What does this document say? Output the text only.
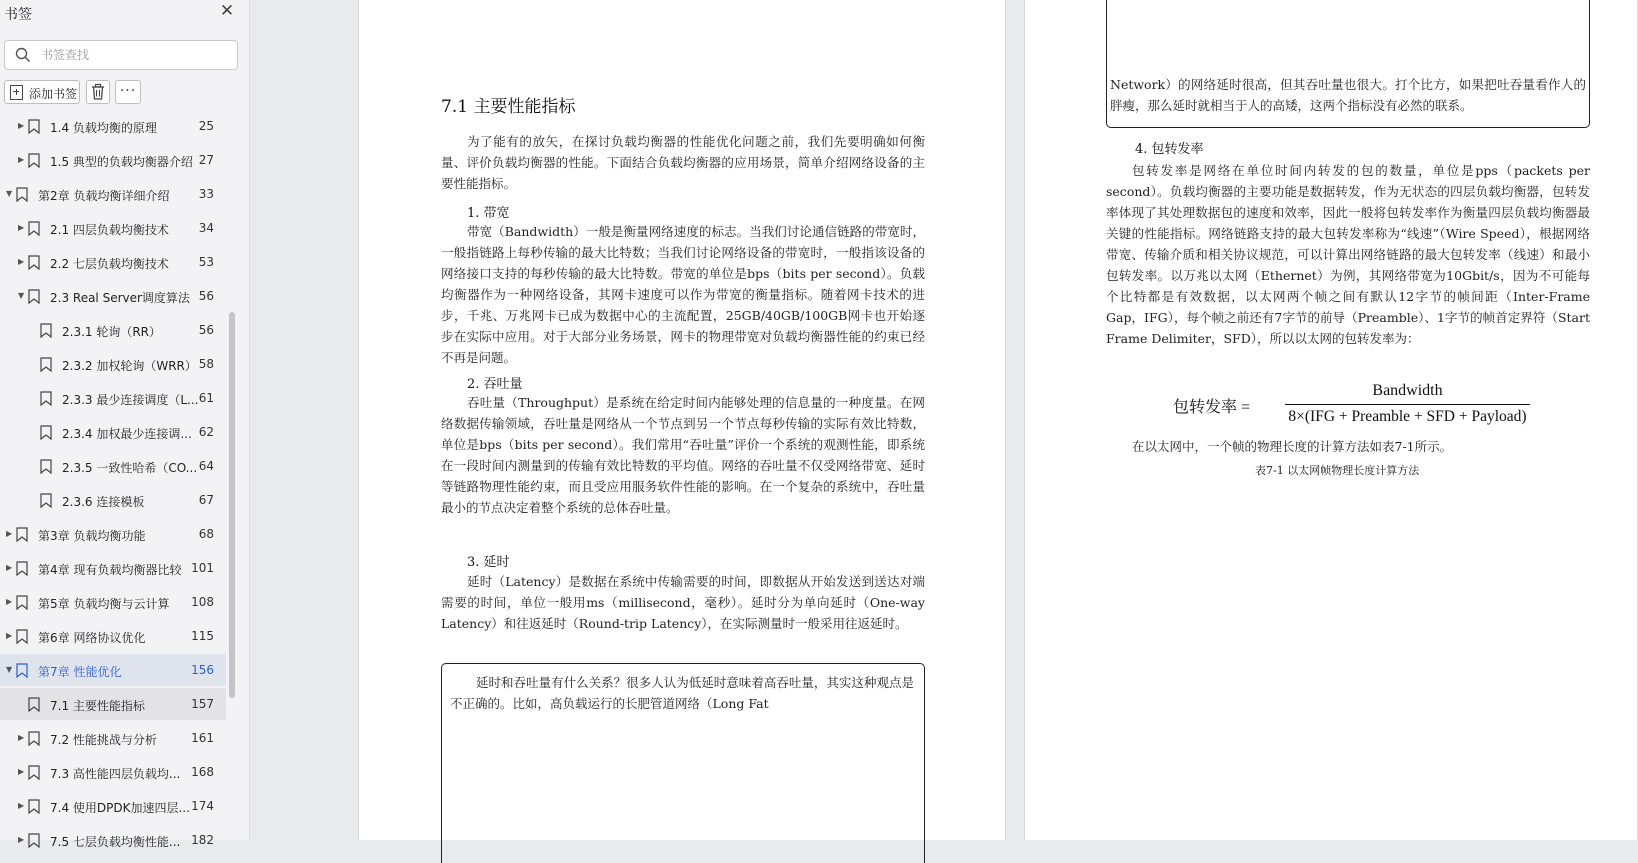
书签	✕
书签查找
添加书签	···
▶ 1.4 负载均衡的原理	25
▶ 1.5 典型的负载均衡器介绍 27
▼ 第2章 负载均衡详细介绍	33
▶ 2.1 四层负载均衡技术	34
▶ 2.2 七层负载均衡技术	53
▼ 2.3 Real Server调度算法 56
2.3.1 轮询（RR）	56
2.3.2 加权轮询（WRR） 58
2.3.3 最少连接调度（L... 61
2.3.4 加权最少连接调... 62
2.3.5 一致性哈希（CO... 64
2.3.6 连接模板	67
▶ 第3章 负载均衡功能	68
▶ 第4章 现有负载均衡器比较 101
▶ 第5章 负载均衡与云计算	108
▶ 第6章 网络协议优化	115
▼ 第7章 性能优化	156
7.1 主要性能指标	157
▶ 7.2 性能挑战与分析	161
▶ 7.3 高性能四层负载均... 168
▶ 7.4 使用DPDK加速四层... 174
▶ 7.5 七层负载均衡性能... 182
7.1 主要性能指标
为了能有的放矢，在探讨负载均衡器的性能优化问题之前，我们先要明确如何衡量、评价负载均衡器的性能。下面结合负载均衡器的应用场景，简单介绍网络设备的主要性能指标。
1. 带宽
带宽（Bandwidth）一般是衡量网络速度的标志。当我们讨论通信链路的带宽时，一般指链路上每秒传输的最大比特数；当我们讨论网络设备的带宽时，一般指该设备的网络接口支持的每秒传输的最大比特数。带宽的单位是bps（bits per second）。负载均衡器作为一种网络设备，其网卡速度可以作为带宽的衡量指标。随着网卡技术的进步，千兆、万兆网卡已成为数据中心的主流配置，25GB/40GB/100GB网卡也开始逐步在实际中应用。对于大部分业务场景，网卡的物理带宽对负载均衡器性能的约束已经不再是问题。
2. 吞吐量
吞吐量（Throughput）是系统在给定时间内能够处理的信息量的一种度量。在网络数据传输领域，吞吐量是网络从一个节点到另一个节点每秒传输的实际有效比特数，单位是bps（bits per second）。我们常用“吞吐量”评价一个系统的观测性能，即系统在一段时间内测量到的传输有效比特数的平均值。网络的吞吐量不仅受网络带宽、延时等链路物理性能约束，而且受应用服务软件性能的影响。在一个复杂的系统中，吞吐量最小的节点决定着整个系统的总体吞吐量。
3. 延时
延时（Latency）是数据在系统中传输需要的时间，即数据从开始发送到送达对端需要的时间，单位一般用ms（millisecond，毫秒）。延时分为单向延时（One-way Latency）和往返延时（Round-trip Latency），在实际测量时一般采用往返延时。
延时和吞吐量有什么关系？很多人认为低延时意味着高吞吐量，其实这种观点是不正确的。比如，高负载运行的长肥管道网络（Long Fat
Network）的网络延时很高，但其吞吐量也很大。打个比方，如果把吐吞量看作人的胖瘦，那么延时就相当于人的高矮，这两个指标没有必然的联系。
4. 包转发率
包转发率是网络在单位时间内转发的包的数量，单位是pps（packets per second）。负载均衡器的主要功能是数据转发，作为无状态的四层负载均衡器，包转发率体现了其处理数据包的速度和效率，因此一般将包转发率作为衡量四层负载均衡器最关键的性能指标。网络链路支持的最大包转发率称为“线速”（Wire Speed），根据网络带宽、传输介质和相关协议规范，可以计算出网络链路的最大包转发率（线速）和最小包转发率。以万兆以太网（Ethernet）为例，其网络带宽为10Gbit/s，因为不可能每个比特都是有效数据，以太网两个帧之间有默认12字节的帧间距（Inter-Frame Gap，IFG），每个帧之前还有7字节的前导（Preamble）、1字节的帧首定界符（Start Frame Delimiter，SFD），所以以太网的包转发率为：
包转发率 =
Bandwidth
8×(IFG + Preamble + SFD + Payload)
在以太网中，一个帧的物理长度的计算方法如表7-1所示。
表7-1 以太网帧物理长度计算方法
